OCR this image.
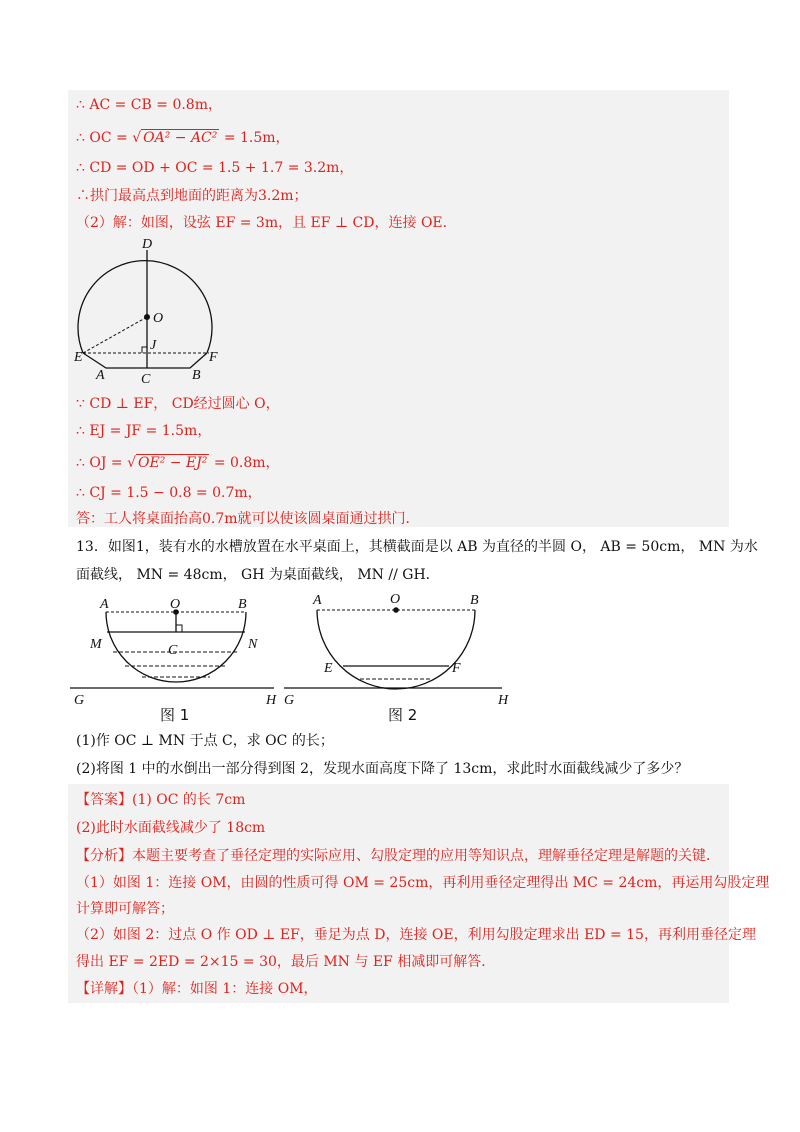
∴ AC = CB = 0.8m，
∴ OC = √ OA² − AC² = 1.5m，
∴ CD = OD + OC = 1.5 + 1.7 = 3.2m，
∴拱门最高点到地面的距离为3.2m；
（2）解：如图，设弦 EF = 3m，且 EF ⊥ CD，连接 OE．
D
O
E	F
J
A	C	B
∵ CD ⊥ EF， CD经过圆心 O，
∴ EJ = JF = 1.5m，
∴ OJ = √ OE² − EJ² = 0.8m，
∴ CJ = 1.5 − 0.8 = 0.7m，
答：工人将桌面抬高0.7m就可以使该圆桌面通过拱门．
13．如图1，装有水的水槽放置在水平桌面上，其横截面是以 AB 为直径的半圆 O， AB = 50cm， MN 为水
面截线， MN = 48cm， GH 为桌面截线， MN // GH．
A	O	B
M	N
C
G	H
图 1
A	O	B
E	F
G	H
图 2
(1)作 OC ⊥ MN 于点 C，求 OC 的长；
(2)将图 1 中的水倒出一部分得到图 2，发现水面高度下降了 13cm，求此时水面截线减少了多少？
【答案】(1) OC 的长 7cm
(2)此时水面截线减少了 18cm
【分析】本题主要考查了垂径定理的实际应用、勾股定理的应用等知识点，理解垂径定理是解题的关键．
（1）如图 1：连接 OM，由圆的性质可得 OM = 25cm，再利用垂径定理得出 MC = 24cm，再运用勾股定理
计算即可解答；
（2）如图 2：过点 O 作 OD ⊥ EF，垂足为点 D，连接 OE，利用勾股定理求出 ED = 15，再利用垂径定理
得出 EF = 2ED = 2×15 = 30，最后 MN 与 EF 相减即可解答．
【详解】（1）解：如图 1：连接 OM，
